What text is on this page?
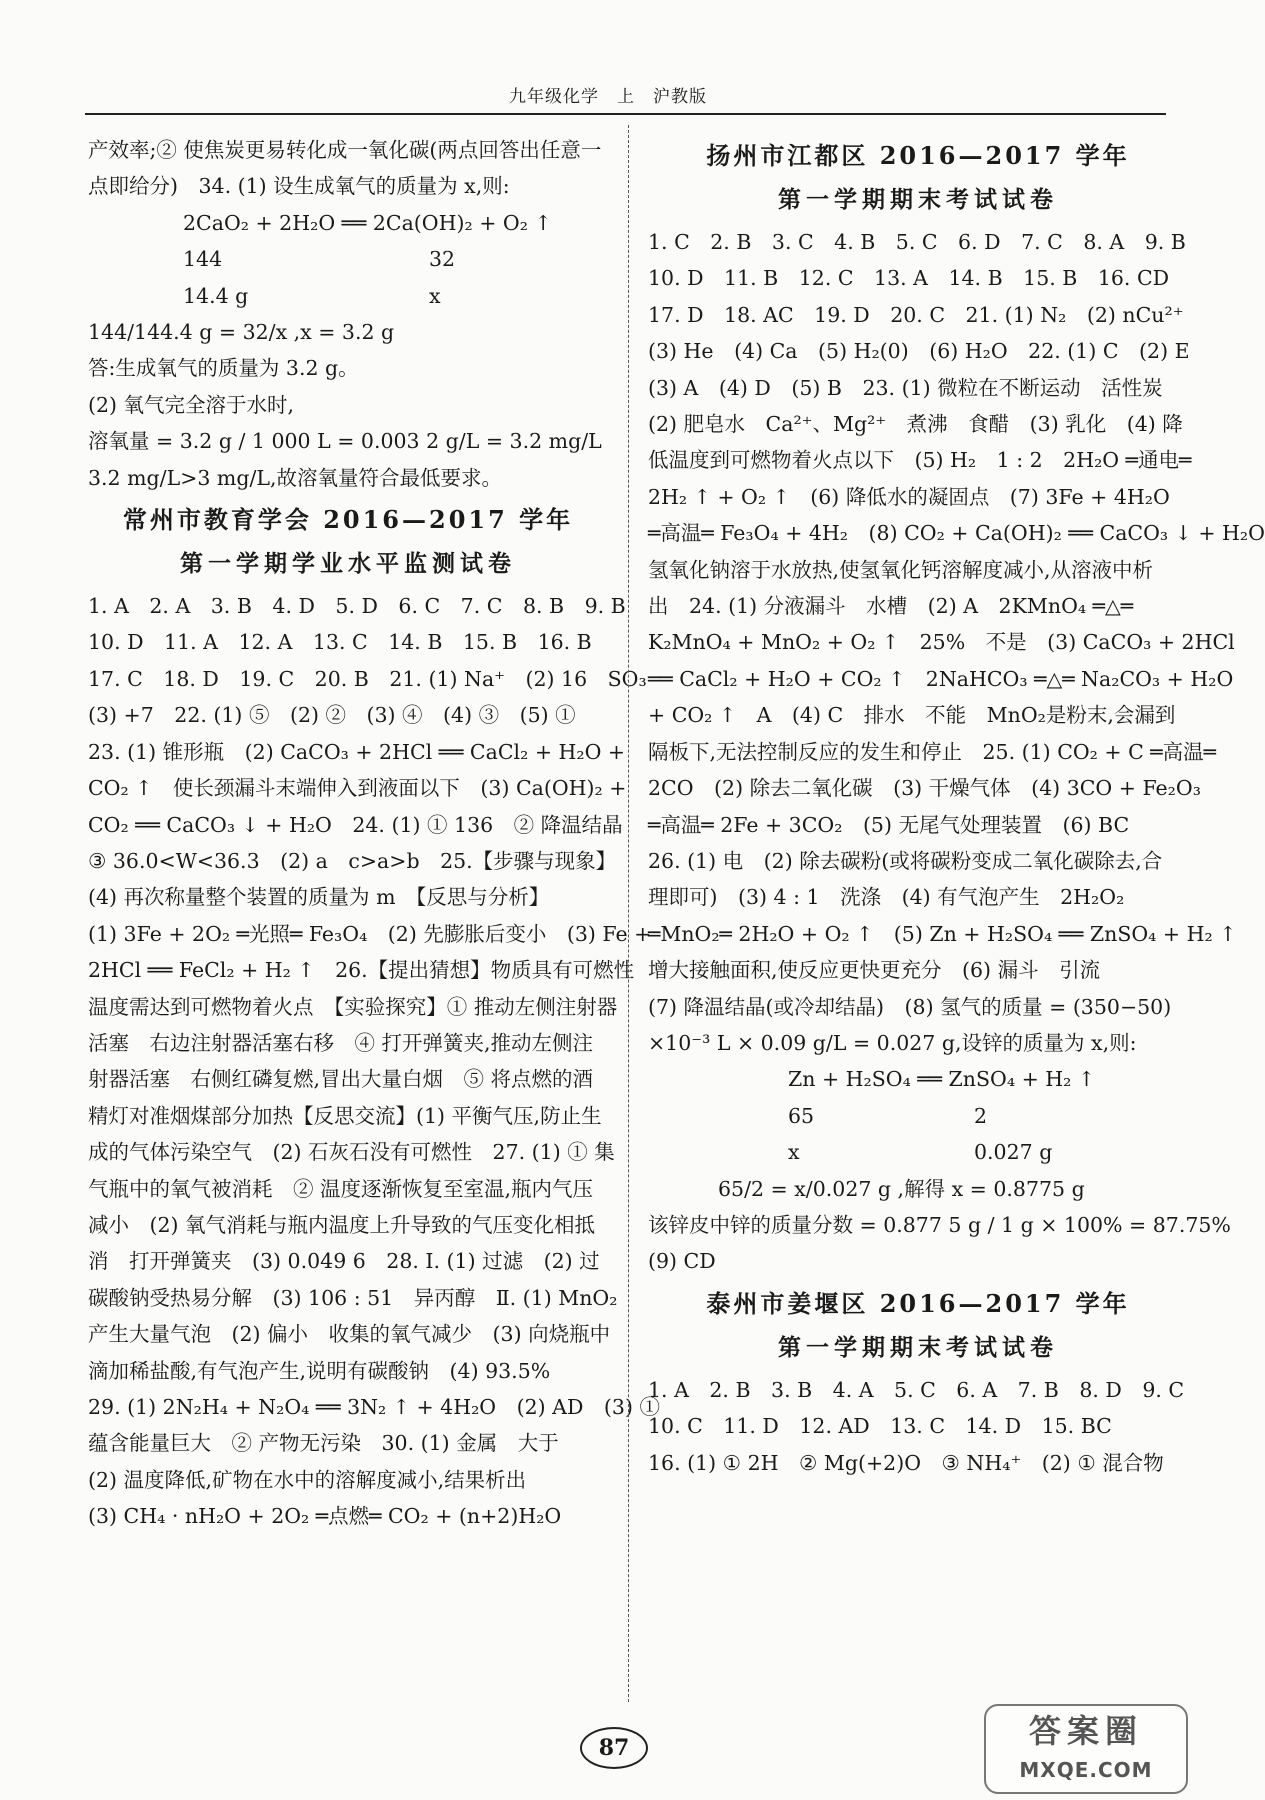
九年级化学　上　沪教版
产效率;② 使焦炭更易转化成一氧化碳(两点回答出任意一
点即给分)　34. (1) 设生成氧气的质量为 x,则:
2CaO₂ + 2H₂O ══ 2Ca(OH)₂ + O₂ ↑
144	32
14.4 g	x
144/144.4 g = 32/x ,x = 3.2 g
答:生成氧气的质量为 3.2 g。
(2) 氧气完全溶于水时,
溶氧量 = 3.2 g / 1 000 L = 0.003 2 g/L = 3.2 mg/L
3.2 mg/L>3 mg/L,故溶氧量符合最低要求。
常州市教育学会 2016—2017 学年
第一学期学业水平监测试卷
1. A　2. A　3. B　4. D　5. D　6. C　7. C　8. B　9. B
10. D　11. A　12. A　13. C　14. B　15. B　16. B
17. C　18. D　19. C　20. B　21. (1) Na⁺　(2) 16　SO₃
(3) +7　22. (1) ⑤　(2) ②　(3) ④　(4) ③　(5) ①
23. (1) 锥形瓶　(2) CaCO₃ + 2HCl ══ CaCl₂ + H₂O +
CO₂ ↑　使长颈漏斗末端伸入到液面以下　(3) Ca(OH)₂ +
CO₂ ══ CaCO₃ ↓ + H₂O　24. (1) ① 136　② 降温结晶
③ 36.0<W<36.3　(2) a　c>a>b　25.【步骤与现象】
(4) 再次称量整个装置的质量为 m　【反思与分析】
(1) 3Fe + 2O₂ ═光照═ Fe₃O₄　(2) 先膨胀后变小　(3) Fe +
2HCl ══ FeCl₂ + H₂ ↑　26.【提出猜想】物质具有可燃性
温度需达到可燃物着火点　【实验探究】① 推动左侧注射器
活塞　右边注射器活塞右移　④ 打开弹簧夹,推动左侧注
射器活塞　右侧红磷复燃,冒出大量白烟　⑤ 将点燃的酒
精灯对准烟煤部分加热【反思交流】(1) 平衡气压,防止生
成的气体污染空气　(2) 石灰石没有可燃性　27. (1) ① 集
气瓶中的氧气被消耗　② 温度逐渐恢复至室温,瓶内气压
减小　(2) 氧气消耗与瓶内温度上升导致的气压变化相抵
消　打开弹簧夹　(3) 0.049 6　28. Ⅰ. (1) 过滤　(2) 过
碳酸钠受热易分解　(3) 106 : 51　异丙醇　Ⅱ. (1) MnO₂
产生大量气泡　(2) 偏小　收集的氧气减少　(3) 向烧瓶中
滴加稀盐酸,有气泡产生,说明有碳酸钠　(4) 93.5%
29. (1) 2N₂H₄ + N₂O₄ ══ 3N₂ ↑ + 4H₂O　(2) AD　(3) ①
蕴含能量巨大　② 产物无污染　30. (1) 金属　大于
(2) 温度降低,矿物在水中的溶解度减小,结果析出
(3) CH₄ · nH₂O + 2O₂ ═点燃═ CO₂ + (n+2)H₂O
扬州市江都区 2016—2017 学年
第一学期期末考试试卷
1. C　2. B　3. C　4. B　5. C　6. D　7. C　8. A　9. B
10. D　11. B　12. C　13. A　14. B　15. B　16. CD
17. D　18. AC　19. D　20. C　21. (1) N₂　(2) nCu²⁺
(3) He　(4) Ca　(5) H₂(0)　(6) H₂O　22. (1) C　(2) E
(3) A　(4) D　(5) B　23. (1) 微粒在不断运动　活性炭
(2) 肥皂水　Ca²⁺、Mg²⁺　煮沸　食醋　(3) 乳化　(4) 降
低温度到可燃物着火点以下　(5) H₂　1 : 2　2H₂O ═通电═
2H₂ ↑ + O₂ ↑　(6) 降低水的凝固点　(7) 3Fe + 4H₂O
═高温═ Fe₃O₄ + 4H₂　(8) CO₂ + Ca(OH)₂ ══ CaCO₃ ↓ + H₂O
氢氧化钠溶于水放热,使氢氧化钙溶解度减小,从溶液中析
出　24. (1) 分液漏斗　水槽　(2) A　2KMnO₄ ═△═
K₂MnO₄ + MnO₂ + O₂ ↑　25%　不是　(3) CaCO₃ + 2HCl
══ CaCl₂ + H₂O + CO₂ ↑　2NaHCO₃ ═△═ Na₂CO₃ + H₂O
+ CO₂ ↑　A　(4) C　排水　不能　MnO₂是粉末,会漏到
隔板下,无法控制反应的发生和停止　25. (1) CO₂ + C ═高温═
2CO　(2) 除去二氧化碳　(3) 干燥气体　(4) 3CO + Fe₂O₃
═高温═ 2Fe + 3CO₂　(5) 无尾气处理装置　(6) BC
26. (1) 电　(2) 除去碳粉(或将碳粉变成二氧化碳除去,合
理即可)　(3) 4 : 1　洗涤　(4) 有气泡产生　2H₂O₂
═MnO₂═ 2H₂O + O₂ ↑　(5) Zn + H₂SO₄ ══ ZnSO₄ + H₂ ↑
增大接触面积,使反应更快更充分　(6) 漏斗　引流
(7) 降温结晶(或冷却结晶)　(8) 氢气的质量 = (350−50)
×10⁻³ L × 0.09 g/L = 0.027 g,设锌的质量为 x,则:
Zn + H₂SO₄ ══ ZnSO₄ + H₂ ↑
65	2
x	0.027 g
65/2 = x/0.027 g ,解得 x = 0.8775 g
该锌皮中锌的质量分数 = 0.877 5 g / 1 g × 100% = 87.75%
(9) CD
泰州市姜堰区 2016—2017 学年
第一学期期末考试试卷
1. A　2. B　3. B　4. A　5. C　6. A　7. B　8. D　9. C
10. C　11. D　12. AD　13. C　14. D　15. BC
16. (1) ① 2H　② Mg(+2)O　③ NH₄⁺　(2) ① 混合物
87	答案圈
MXQE.COM
